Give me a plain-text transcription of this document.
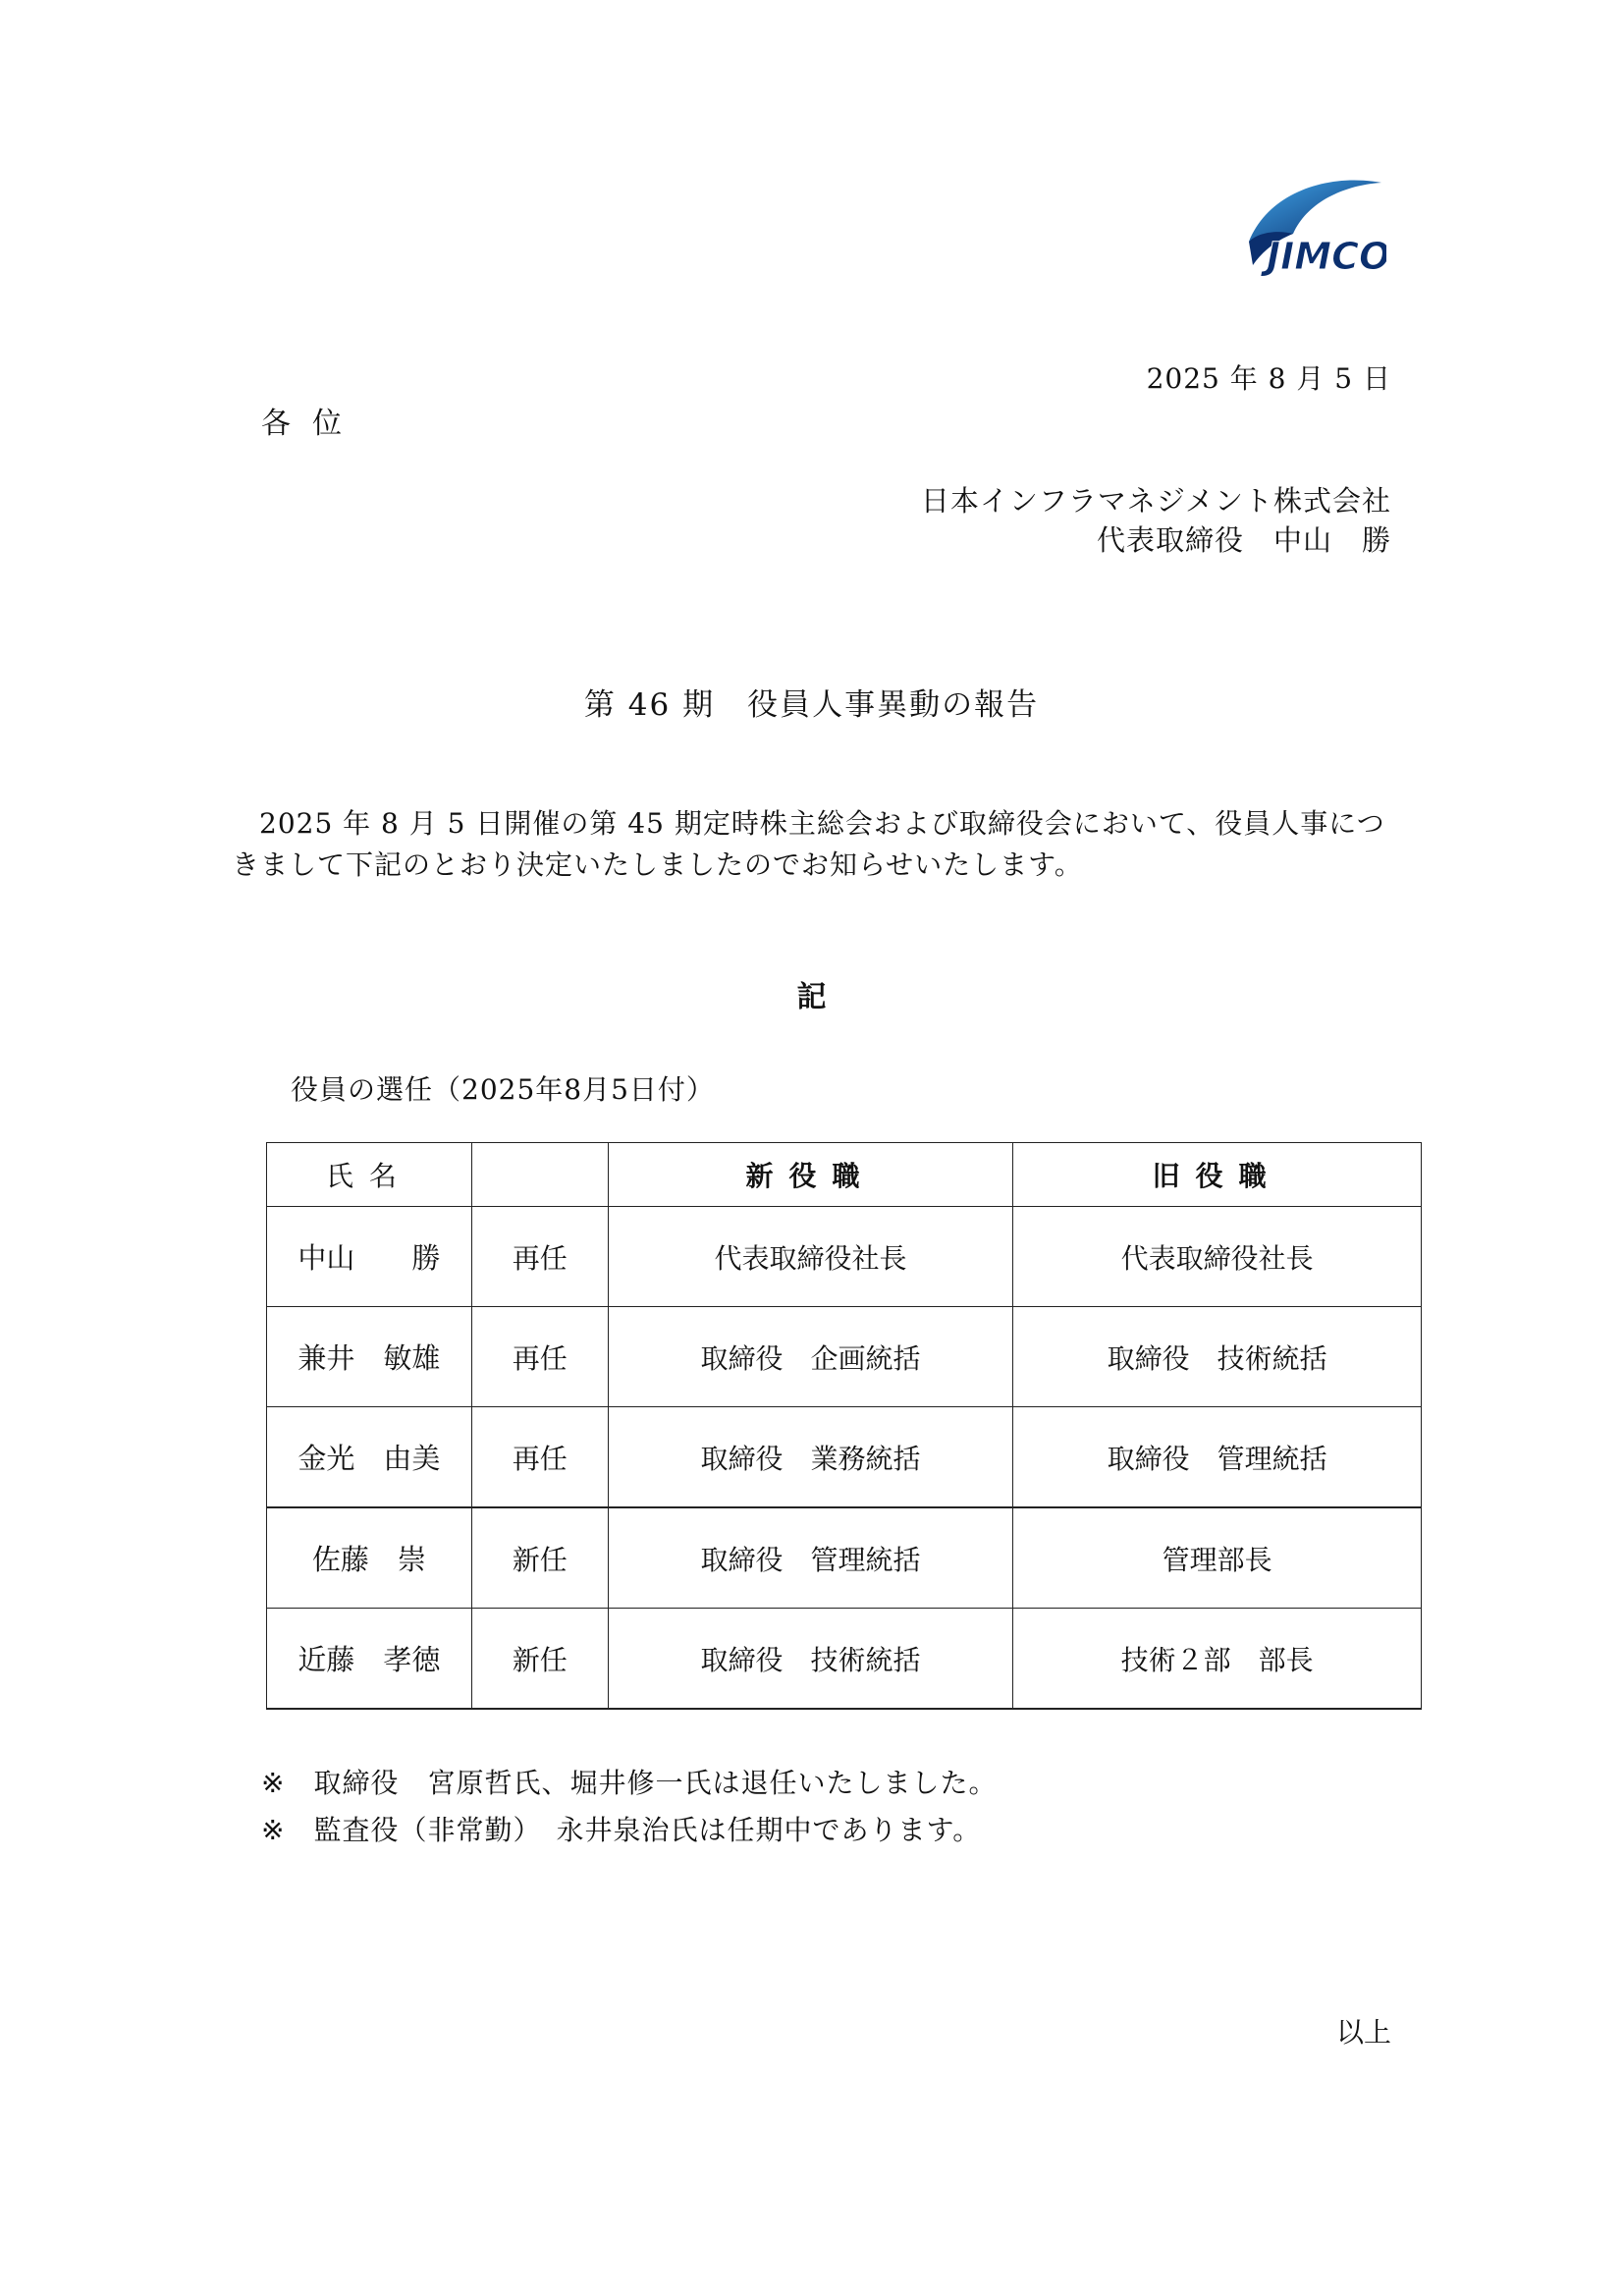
JIMCO
2025 年 8 月 5 日
各位
日本インフラマネジメント株式会社
代表取締役　中山　勝
第 46 期　役員人事異動の報告
2025 年 8 月 5 日開催の第 45 期定時株主総会および取締役会において、役員人事につきまして下記のとおり決定いたしましたのでお知らせいたします。
記
役員の選任（2025年8月5日付）
氏名		新役職	旧役職
中山　　勝	再任	代表取締役社長	代表取締役社長
兼井　敏雄	再任	取締役　企画統括	取締役　技術統括
金光　由美	再任	取締役　業務統括	取締役　管理統括
佐藤　崇	新任	取締役　管理統括	管理部長
近藤　孝徳	新任	取締役　技術統括	技術２部　部長
※　取締役　宮原哲氏、堀井修一氏は退任いたしました。
※　監査役（非常勤）　永井泉治氏は任期中であります。
以上
